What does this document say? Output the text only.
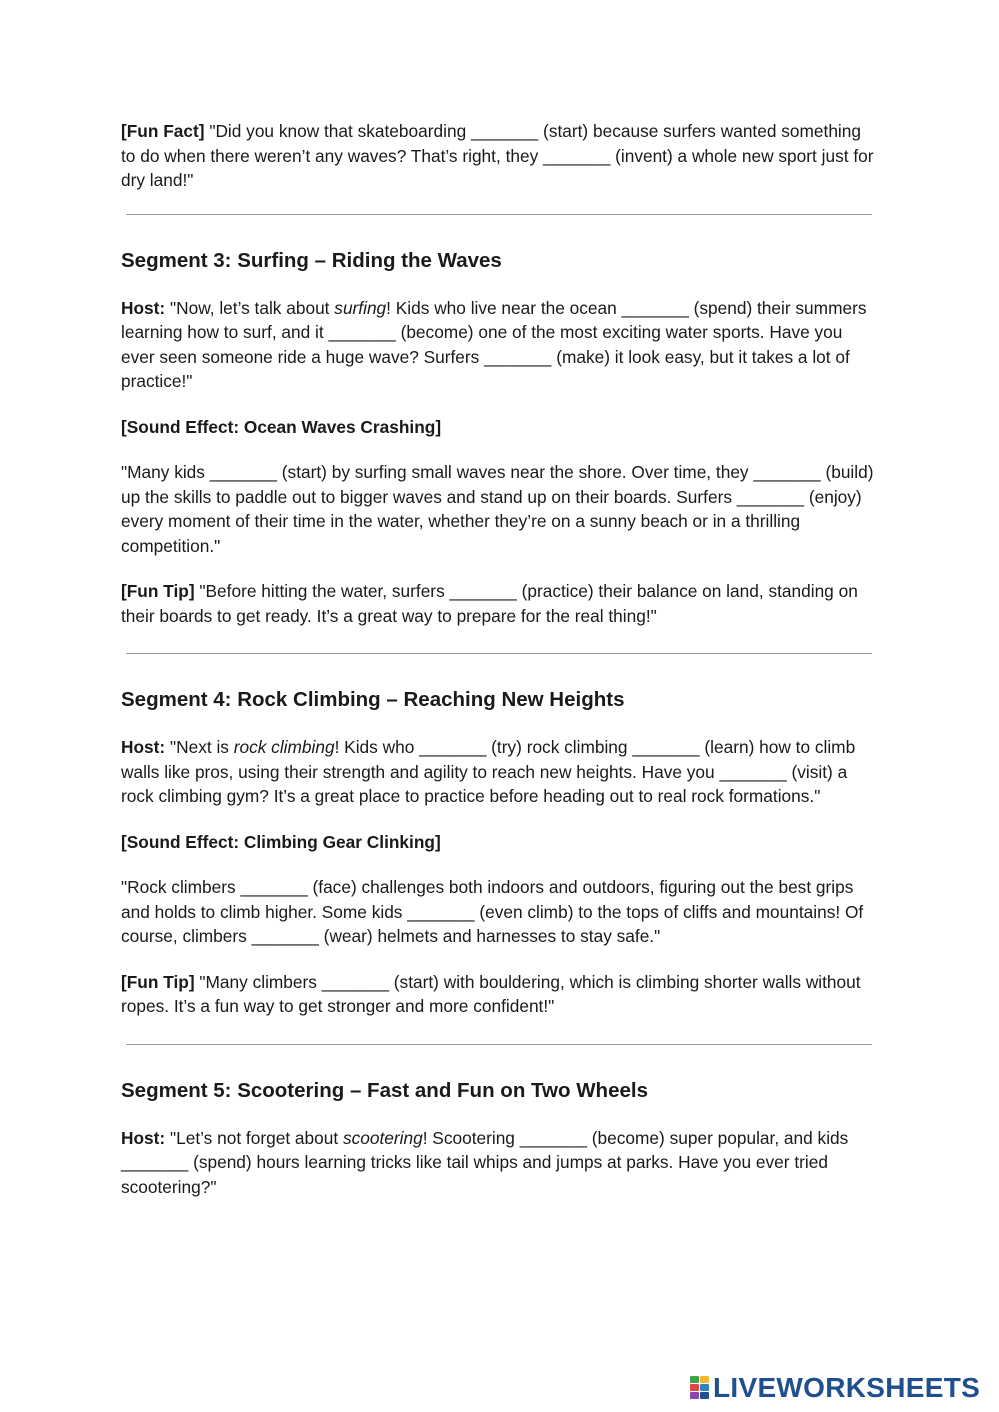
[Fun Fact] "Did you know that skateboarding _______ (start) because surfers wanted something to do when there weren’t any waves? That’s right, they _______ (invent) a whole new sport just for dry land!"

Segment 3: Surfing – Riding the Waves

Host: "Now, let’s talk about surfing! Kids who live near the ocean _______ (spend) their summers learning how to surf, and it _______ (become) one of the most exciting water sports. Have you ever seen someone ride a huge wave? Surfers _______ (make) it look easy, but it takes a lot of practice!"

[Sound Effect: Ocean Waves Crashing]

"Many kids _______ (start) by surfing small waves near the shore. Over time, they _______ (build) up the skills to paddle out to bigger waves and stand up on their boards. Surfers _______ (enjoy) every moment of their time in the water, whether they’re on a sunny beach or in a thrilling competition."

[Fun Tip] "Before hitting the water, surfers _______ (practice) their balance on land, standing on their boards to get ready. It’s a great way to prepare for the real thing!"

Segment 4: Rock Climbing – Reaching New Heights

Host: "Next is rock climbing! Kids who _______ (try) rock climbing _______ (learn) how to climb walls like pros, using their strength and agility to reach new heights. Have you _______ (visit) a rock climbing gym? It’s a great place to practice before heading out to real rock formations."

[Sound Effect: Climbing Gear Clinking]

"Rock climbers _______ (face) challenges both indoors and outdoors, figuring out the best grips and holds to climb higher. Some kids _______ (even climb) to the tops of cliffs and mountains! Of course, climbers _______ (wear) helmets and harnesses to stay safe."

[Fun Tip] "Many climbers _______ (start) with bouldering, which is climbing shorter walls without ropes. It’s a fun way to get stronger and more confident!"

Segment 5: Scootering – Fast and Fun on Two Wheels

Host: "Let’s not forget about scootering! Scootering _______ (become) super popular, and kids _______ (spend) hours learning tricks like tail whips and jumps at parks. Have you ever tried scootering?"

LIVEWORKSHEETS
